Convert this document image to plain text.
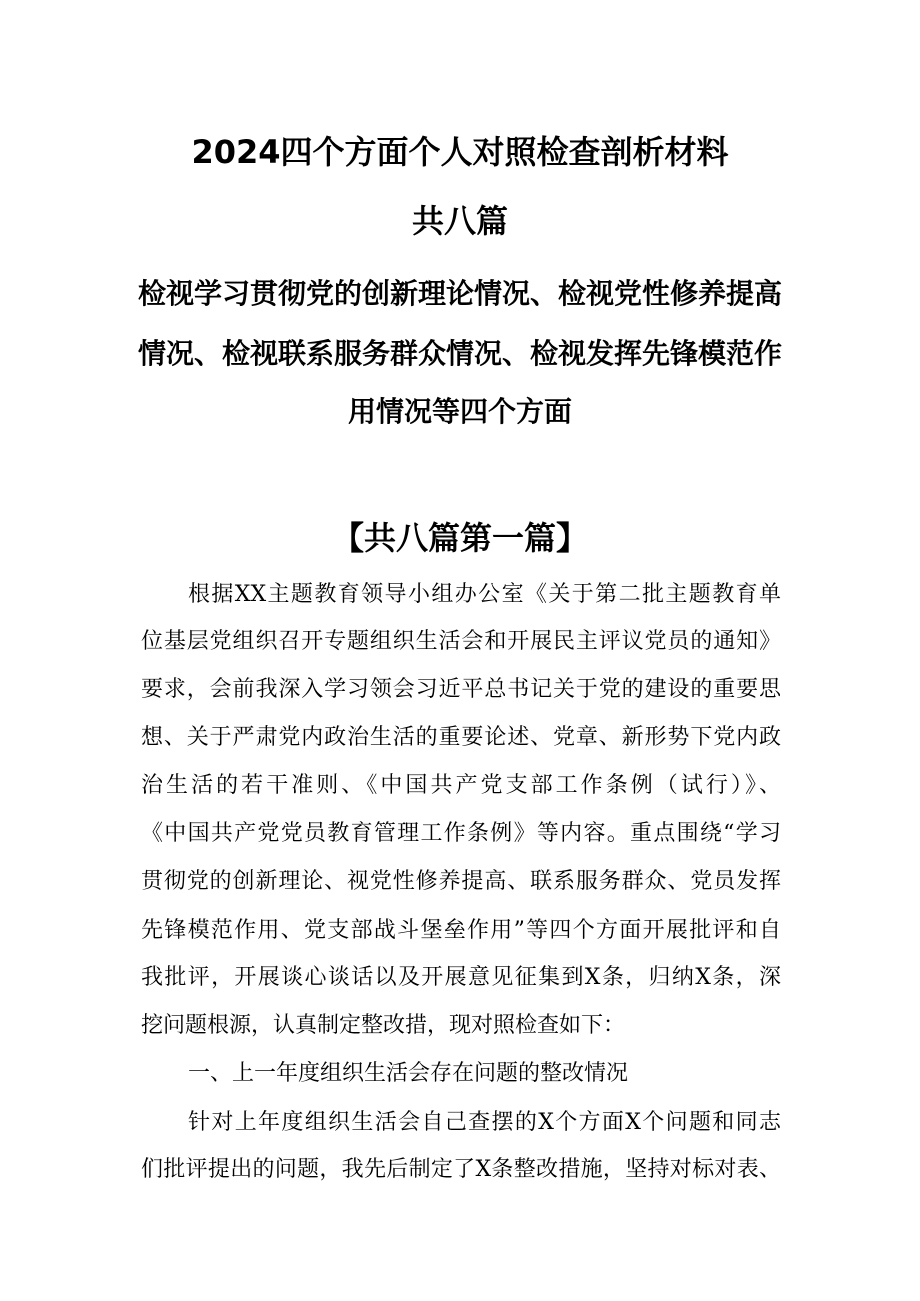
2024四个方面个人对照检查剖析材料
共八篇
检视学习贯彻党的创新理论情况、检视党性修养提高
情况、检视联系服务群众情况、检视发挥先锋模范作
用情况等四个方面
【共八篇第一篇】
根据XX主题教育领导小组办公室《关于第二批主题教育单
位基层党组织召开专题组织生活会和开展民主评议党员的通知》
要求，会前我深入学习领会习近平总书记关于党的建设的重要思
想、关于严肃党内政治生活的重要论述、党章、新形势下党内政
治生活的若干准则、《中国共产党支部工作条例（试行）》、
《中国共产党党员教育管理工作条例》等内容。重点围绕“学习
贯彻党的创新理论、视党性修养提高、联系服务群众、党员发挥
先锋模范作用、党支部战斗堡垒作用”等四个方面开展批评和自
我批评，开展谈心谈话以及开展意见征集到X条，归纳X条，深
挖问题根源，认真制定整改措，现对照检查如下：
一、上一年度组织生活会存在问题的整改情况
针对上年度组织生活会自己查摆的X个方面X个问题和同志
们批评提出的问题，我先后制定了X条整改措施，坚持对标对表、
